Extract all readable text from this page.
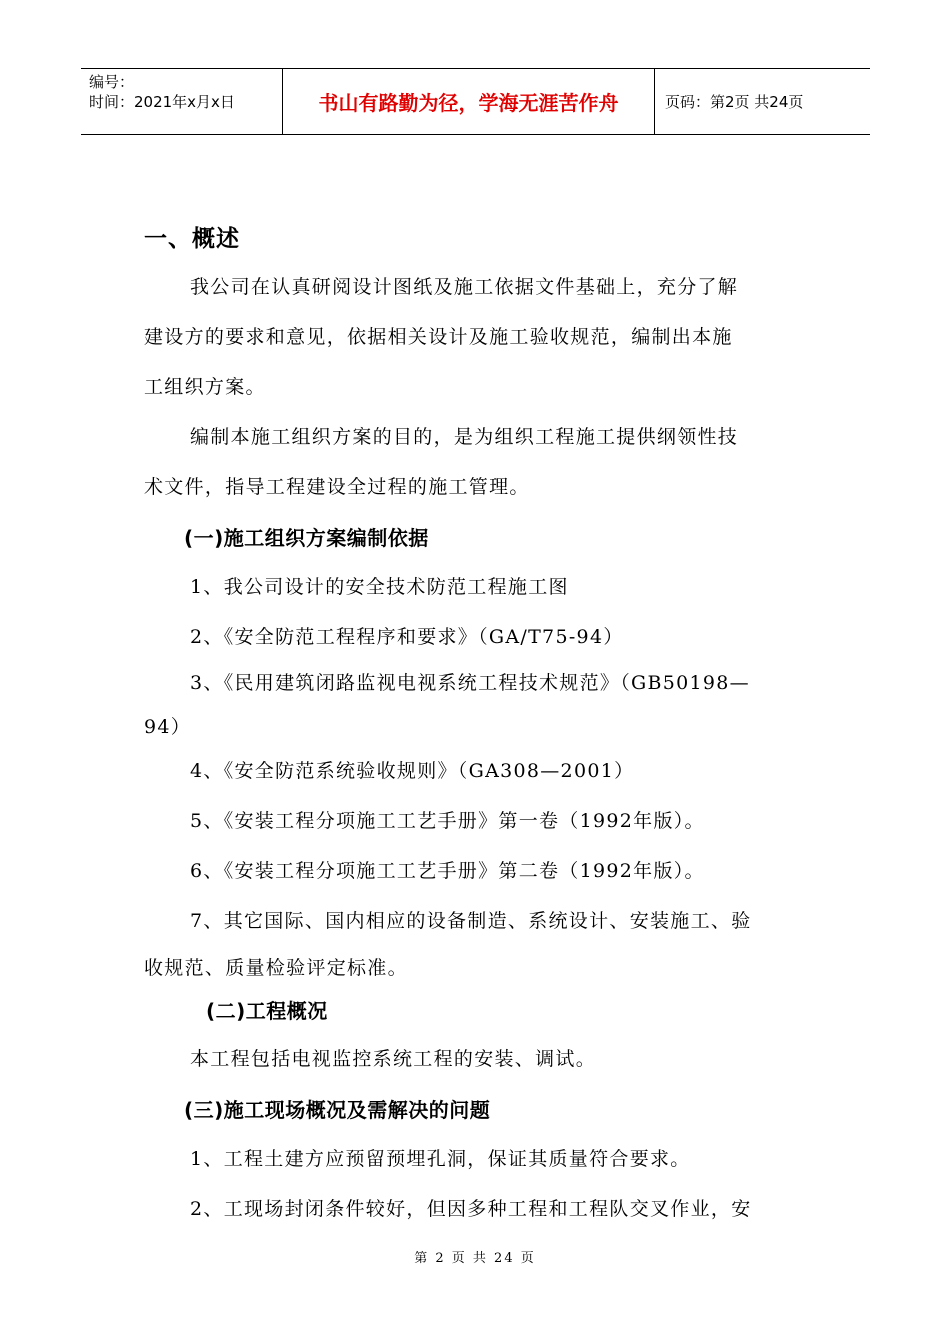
编号：
时间：2021年x月x日	书山有路勤为径，学海无涯苦作舟	页码：第2页 共24页
一、概述
我公司在认真研阅设计图纸及施工依据文件基础上，充分了解
建设方的要求和意见，依据相关设计及施工验收规范，编制出本施
工组织方案。
编制本施工组织方案的目的，是为组织工程施工提供纲领性技
术文件，指导工程建设全过程的施工管理。
(一)施工组织方案编制依据
1、我公司设计的安全技术防范工程施工图
2、《安全防范工程程序和要求》（GA/T75-94）
3、《民用建筑闭路监视电视系统工程技术规范》（GB50198—
94）
4、《安全防范系统验收规则》（GA308—2001）
5、《安装工程分项施工工艺手册》第一卷（1992年版）。
6、《安装工程分项施工工艺手册》第二卷（1992年版）。
7、其它国际、国内相应的设备制造、系统设计、安装施工、验
收规范、质量检验评定标准。
(二)工程概况
本工程包括电视监控系统工程的安装、调试。
(三)施工现场概况及需解决的问题
1、工程土建方应预留预埋孔洞，保证其质量符合要求。
2、工现场封闭条件较好，但因多种工程和工程队交叉作业，安
第 2 页 共 24 页
